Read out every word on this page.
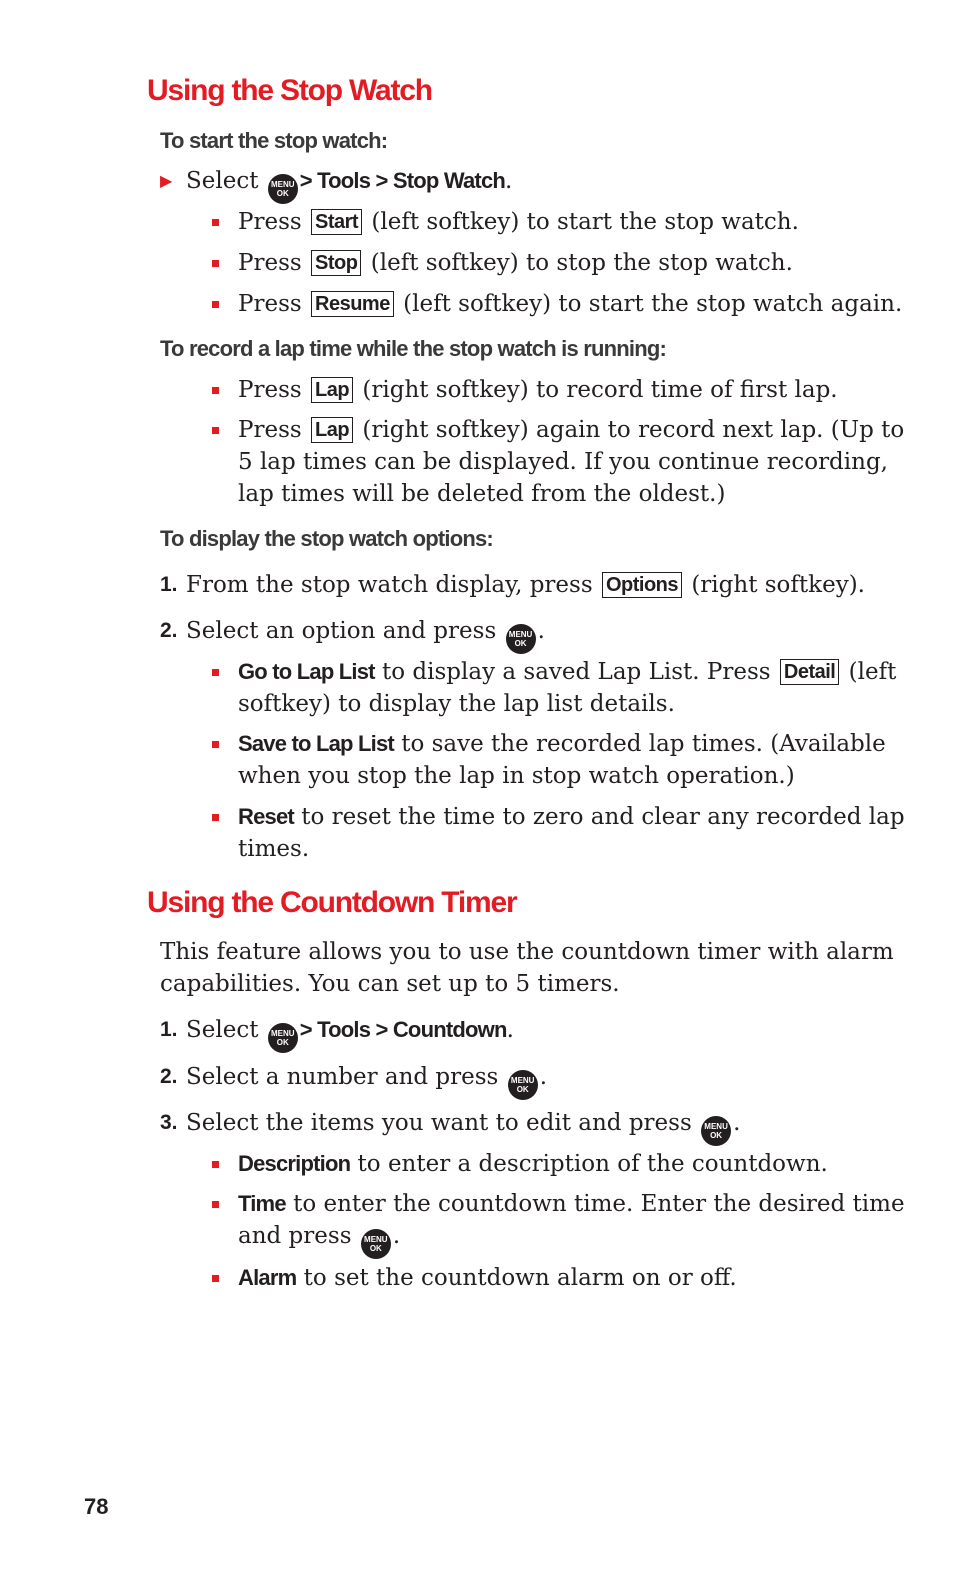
Using the Stop Watch
To start the stop watch:
▶ Select	MENU
OK
> Tools > Stop Watch.
Press Start (left softkey) to start the stop watch.
Press Stop (left softkey) to stop the stop watch.
Press Resume (left softkey) to start the stop watch again.
To record a lap time while the stop watch is running:
Press Lap (right softkey) to record time of first lap.
Press Lap (right softkey) again to record next lap. (Up to
5 lap times can be displayed. If you continue recording,
lap times will be deleted from the oldest.)
To display the stop watch options:
1. From the stop watch display, press Options (right softkey).
2. Select an option and press	MENU
OK .
Go to Lap List to display a saved Lap List. Press Detail (left
softkey) to display the lap list details.
Save to Lap List to save the recorded lap times. (Available
when you stop the lap in stop watch operation.)
Reset to reset the time to zero and clear any recorded lap
times.
Using the Countdown Timer
This feature allows you to use the countdown timer with alarm
capabilities. You can set up to 5 timers.
1. Select	MENU
OK
> Tools > Countdown.
2. Select a number and press	MENU
OK .
3. Select the items you want to edit and press	MENU
OK .
Description to enter a description of the countdown.
Time to enter the countdown time. Enter the desired time
and press	MENU
OK .
Alarm to set the countdown alarm on or off.
78
